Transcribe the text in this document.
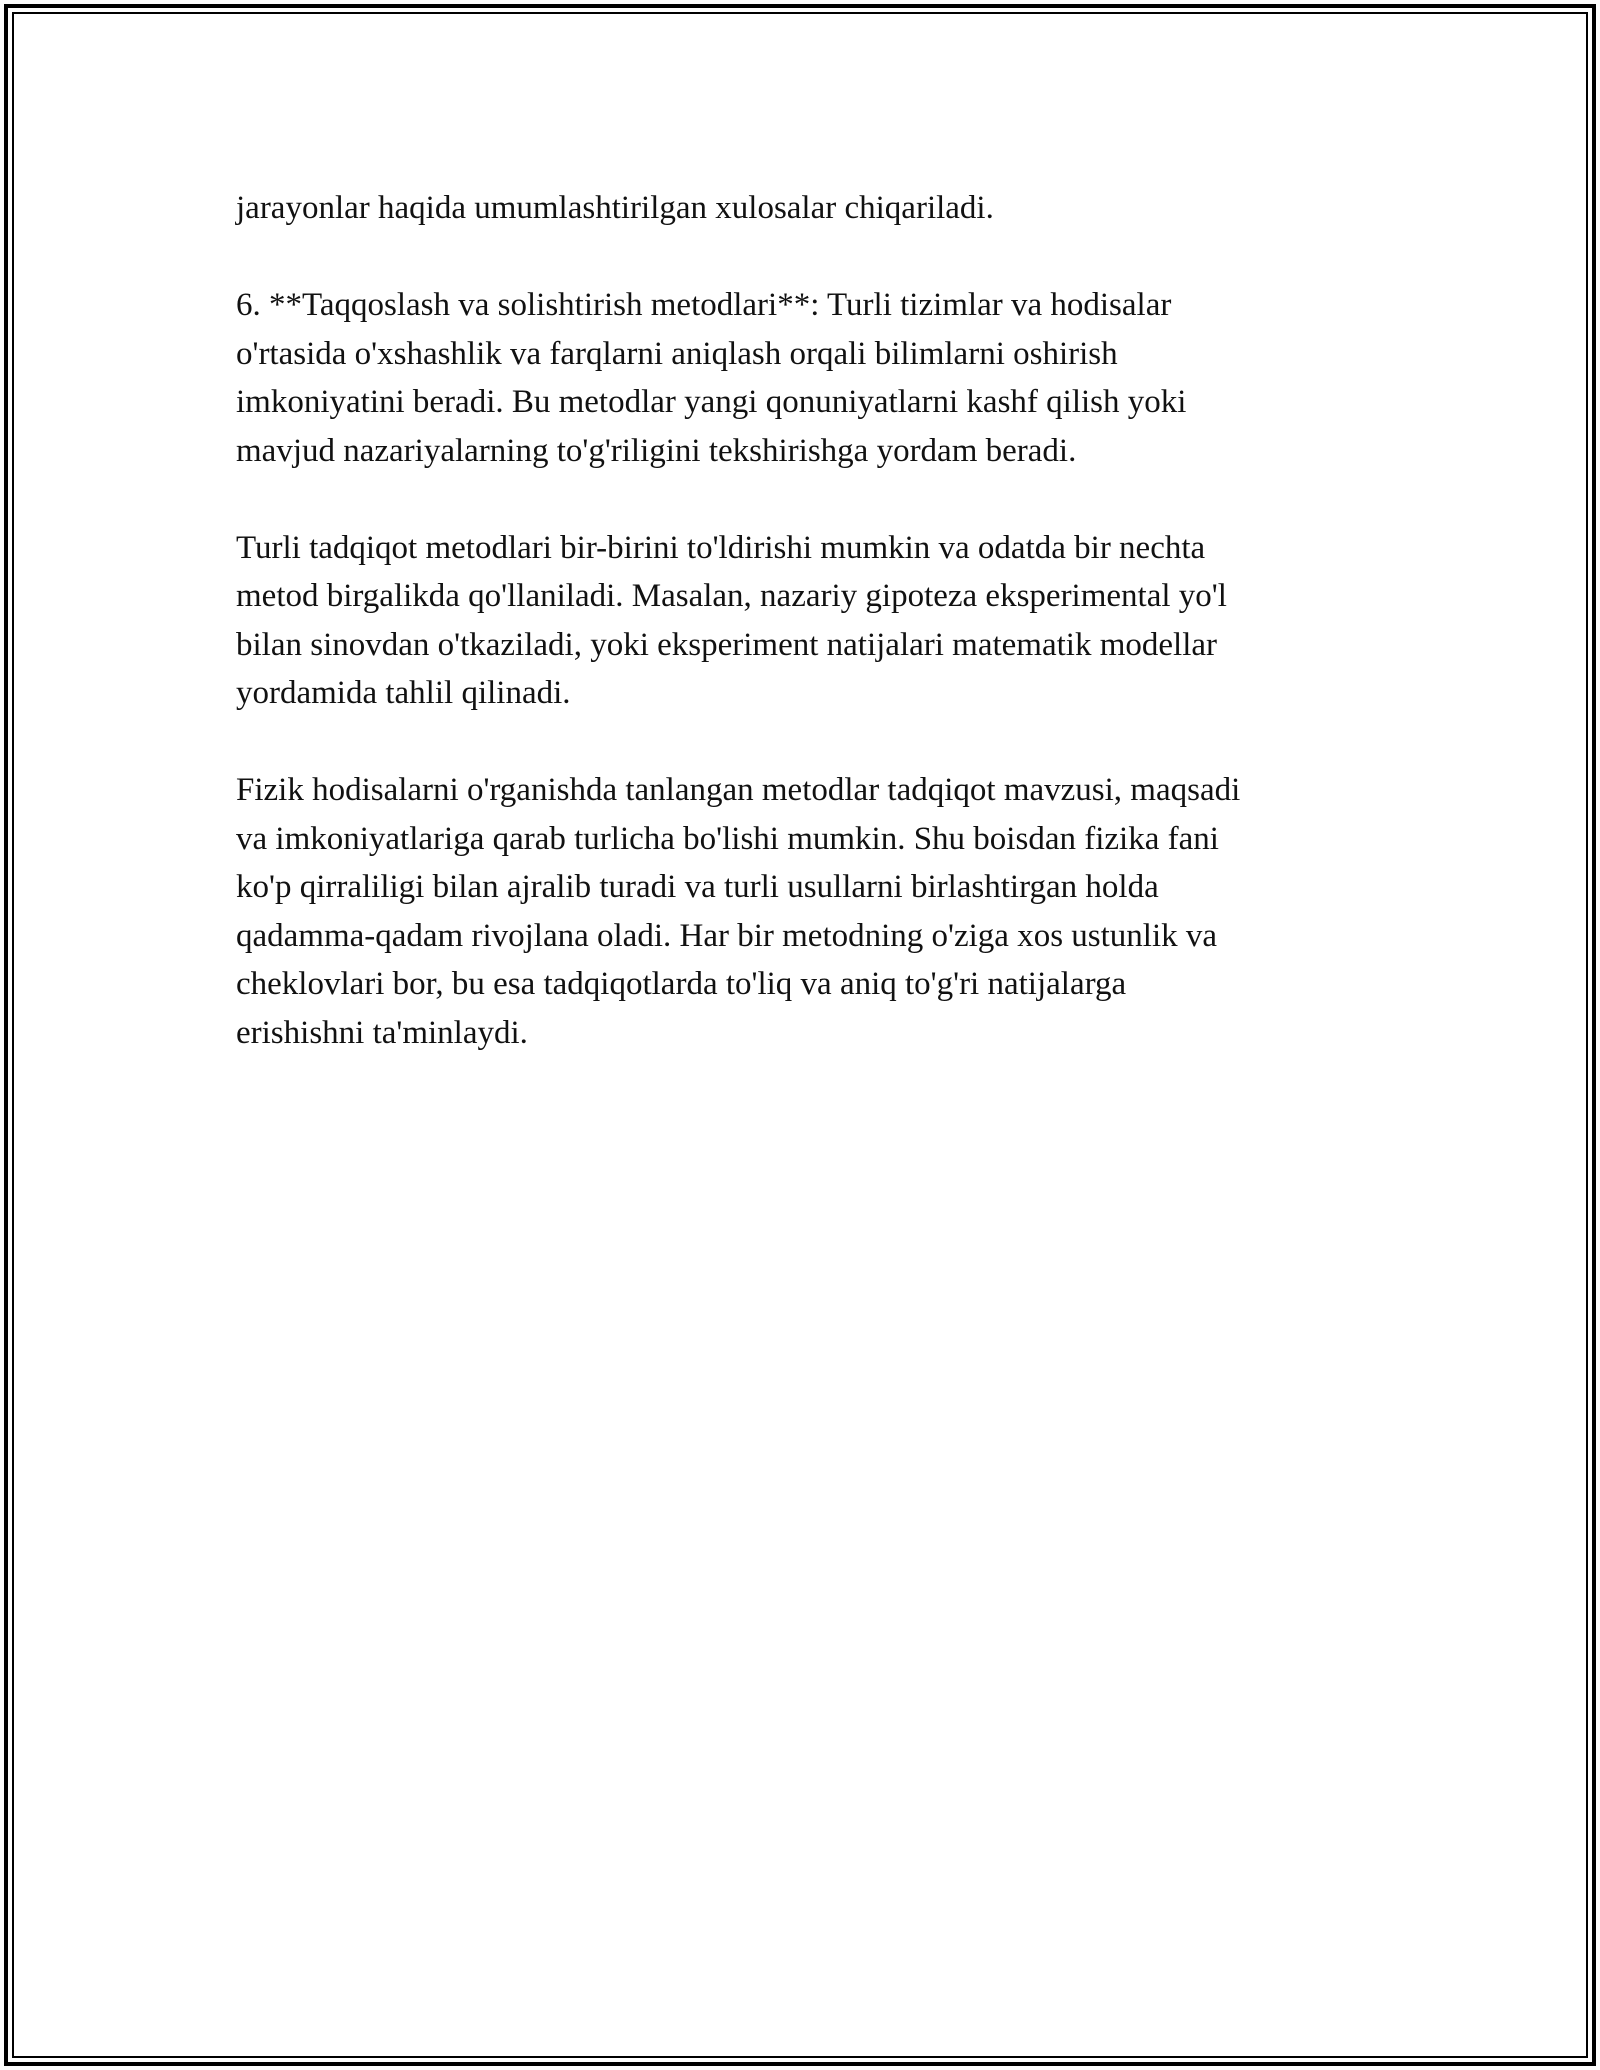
jarayonlar haqida umumlashtirilgan xulosalar chiqariladi.

6. **Taqqoslash va solishtirish metodlari**: Turli tizimlar va hodisalar
o'rtasida o'xshashlik va farqlarni aniqlash orqali bilimlarni oshirish
imkoniyatini beradi. Bu metodlar yangi qonuniyatlarni kashf qilish yoki
mavjud nazariyalarning to'g'riligini tekshirishga yordam beradi.

Turli tadqiqot metodlari bir-birini to'ldirishi mumkin va odatda bir nechta
metod birgalikda qo'llaniladi. Masalan, nazariy gipoteza eksperimental yo'l
bilan sinovdan o'tkaziladi, yoki eksperiment natijalari matematik modellar
yordamida tahlil qilinadi.

Fizik hodisalarni o'rganishda tanlangan metodlar tadqiqot mavzusi, maqsadi
va imkoniyatlariga qarab turlicha bo'lishi mumkin. Shu boisdan fizika fani
ko'p qirraliligi bilan ajralib turadi va turli usullarni birlashtirgan holda
qadamma-qadam rivojlana oladi. Har bir metodning o'ziga xos ustunlik va
cheklovlari bor, bu esa tadqiqotlarda to'liq va aniq to'g'ri natijalarga
erishishni ta'minlaydi.
